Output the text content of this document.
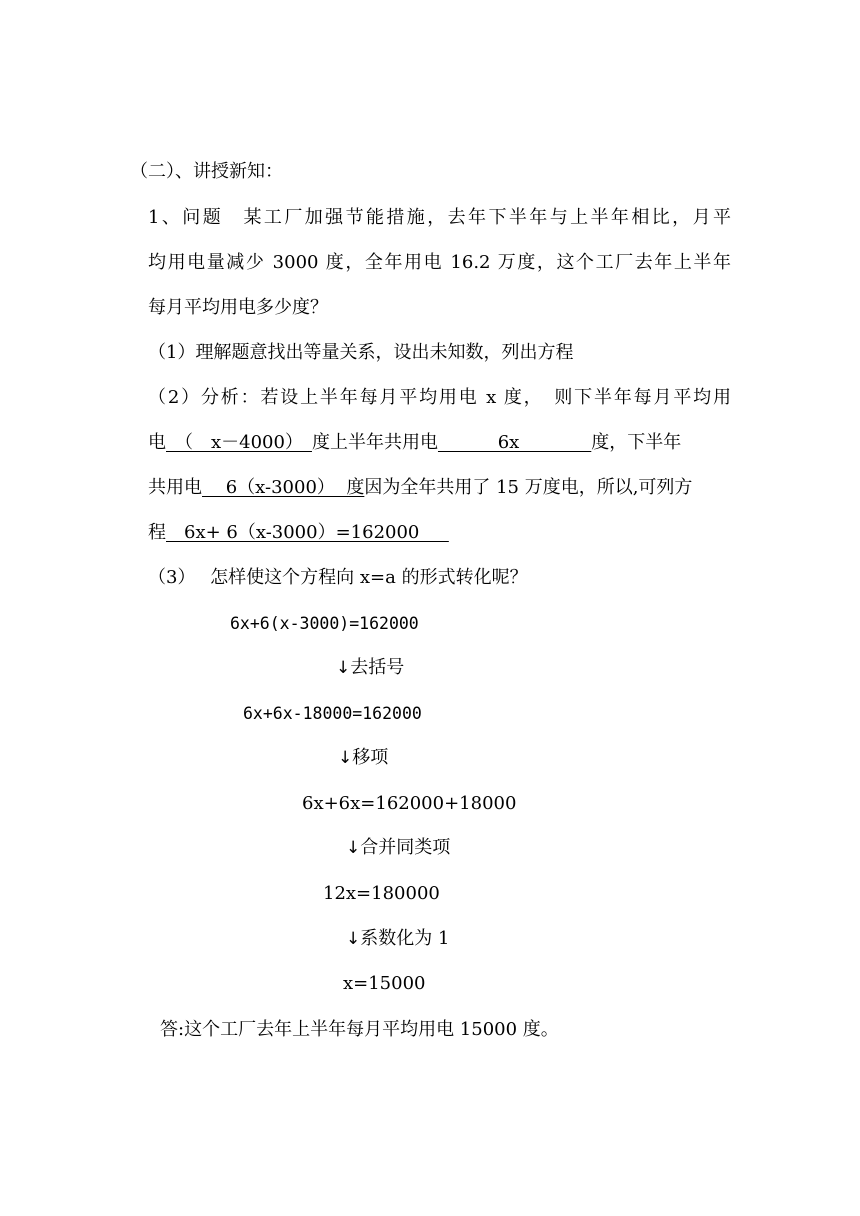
（二）、讲授新知：
1、问题　某工厂加强节能措施，去年下半年与上半年相比，月平
均用电量减少 3000 度，全年用电 16.2 万度，这个工厂去年上半年
每月平均用电多少度？
（1）理解题意找出等量关系，设出未知数，列出方程
（2）分析：若设上半年每月平均用电 x 度，　则下半年每月平均用
电　（　x－4000）　度上半年共用电　　　 6x　　　　度，下半年
共用电　 6（x-3000）  度因为全年共用了 15 万度电，所以,可列方
程　6x+ 6（x-3000）=162000　
（3）　 怎样使这个方程向 x=a 的形式转化呢？
6x+6(x-3000)=162000
↓去括号
6x+6x-18000=162000
↓移项
6x+6x=162000+18000
↓合并同类项
12x=180000
↓系数化为 1
x=15000
答:这个工厂去年上半年每月平均用电 15000 度。
